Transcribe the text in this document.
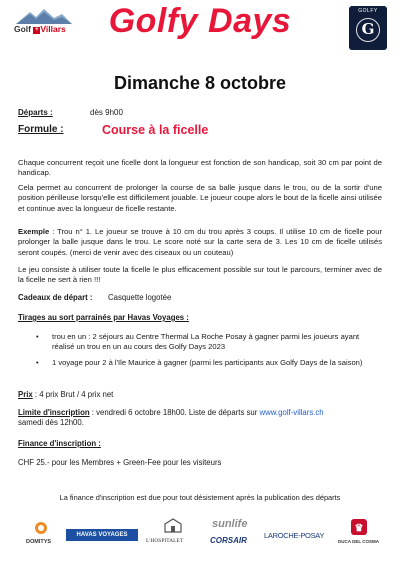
Golf + Villars	Golfy Days	GOLFY
G
Dimanche 8 octobre
Départs :	dès 9h00
Formule :	Course à la ficelle
Chaque concurrent reçoit une ficelle dont la longueur est fonction de son handicap, soit 30 cm par point de handicap.
Cela permet au concurrent de prolonger la course de sa balle jusque dans le trou, ou de la sortir d'une position périlleuse lorsqu'elle est difficilement jouable. Le joueur coupe alors le bout de la ficelle ainsi utilisée et continue avec la longueur de ficelle restante.
Exemple : Trou n° 1. Le joueur se trouve à 10 cm du trou après 3 coups. Il utilise 10 cm de ficelle pour prolonger la balle jusque dans le trou. Le score noté sur la carte sera de 3. Les 10 cm de ficelle utilisés seront coupés. (merci de venir avec des ciseaux ou un couteau)
Le jeu consiste à utiliser toute la ficelle le plus efficacement possible sur tout le parcours, terminer avec de la ficelle ne sert à rien !!!
Cadeaux de départ : Casquette logotée
Tirages au sort parrainés par Havas Voyages :
• trou en un : 2 séjours au Centre Thermal La Roche Posay à gagner parmi les joueurs ayant réalisé un trou en un au cours des Golfy Days 2023
• 1 voyage pour 2 à l'Ile Maurice à gagner (parmi les participants aux Golfy Days de la saison)
Prix : 4 prix Brut / 4 prix net
Limite d'inscription : vendredi 6 octobre 18h00. Liste de départs sur www.golf-villars.ch
samedi dès 12h00.
Finance d'inscription :
CHF 25.- pour les Membres + Green-Fee pour les visiteurs
La finance d'inscription est due pour tout désistement après la publication des départs
DOMITYS
HAVAS VOYAGES
L'HOSPITALET
sunlife
CORSAIR
LAROCHE-POSAY
♛
DUCA DEL COSMA
